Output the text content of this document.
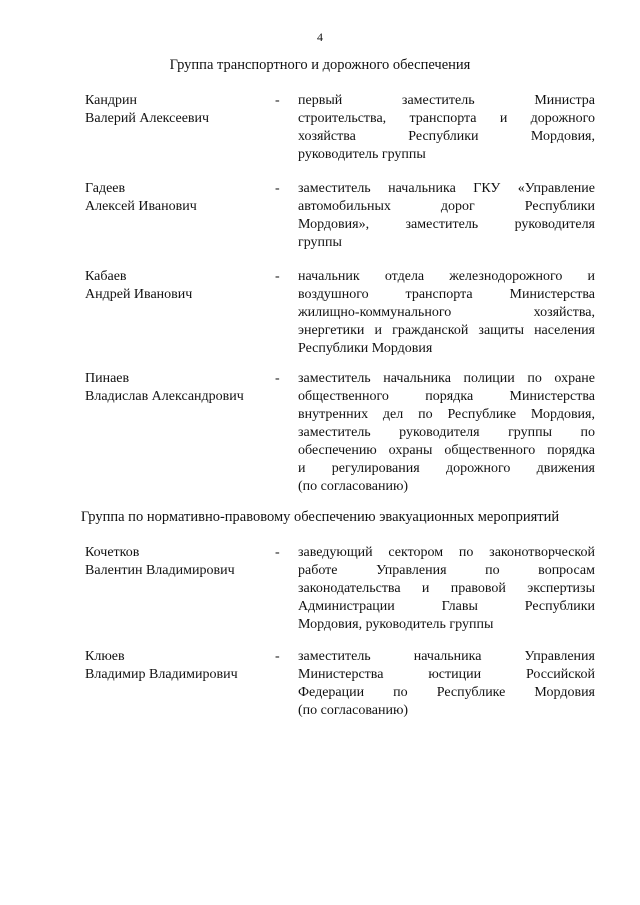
4
Группа транспортного и дорожного обеспечения
Кандрин
Валерий Алексеевич
- первый заместитель Министра
строительства, транспорта и дорожного
хозяйства Республики Мордовия,
руководитель группы
Гадеев
Алексей Иванович
- заместитель начальника ГКУ «Управление
автомобильных дорог Республики
Мордовия», заместитель руководителя
группы
Кабаев
Андрей Иванович
- начальник отдела железнодорожного и
воздушного транспорта Министерства
жилищно-коммунального хозяйства,
энергетики и гражданской защиты населения
Республики Мордовия
Пинаев
Владислав Александрович
- заместитель начальника полиции по охране
общественного порядка Министерства
внутренних дел по Республике Мордовия,
заместитель руководителя группы по
обеспечению охраны общественного порядка
и регулирования дорожного движения
(по согласованию)
Группа по нормативно-правовому обеспечению эвакуационных мероприятий
Кочетков
Валентин Владимирович
- заведующий сектором по законотворческой
работе Управления по вопросам
законодательства и правовой экспертизы
Администрации Главы Республики
Мордовия, руководитель группы
Клюев
Владимир Владимирович
- заместитель начальника Управления
Министерства юстиции Российской
Федерации по Республике Мордовия
(по согласованию)
